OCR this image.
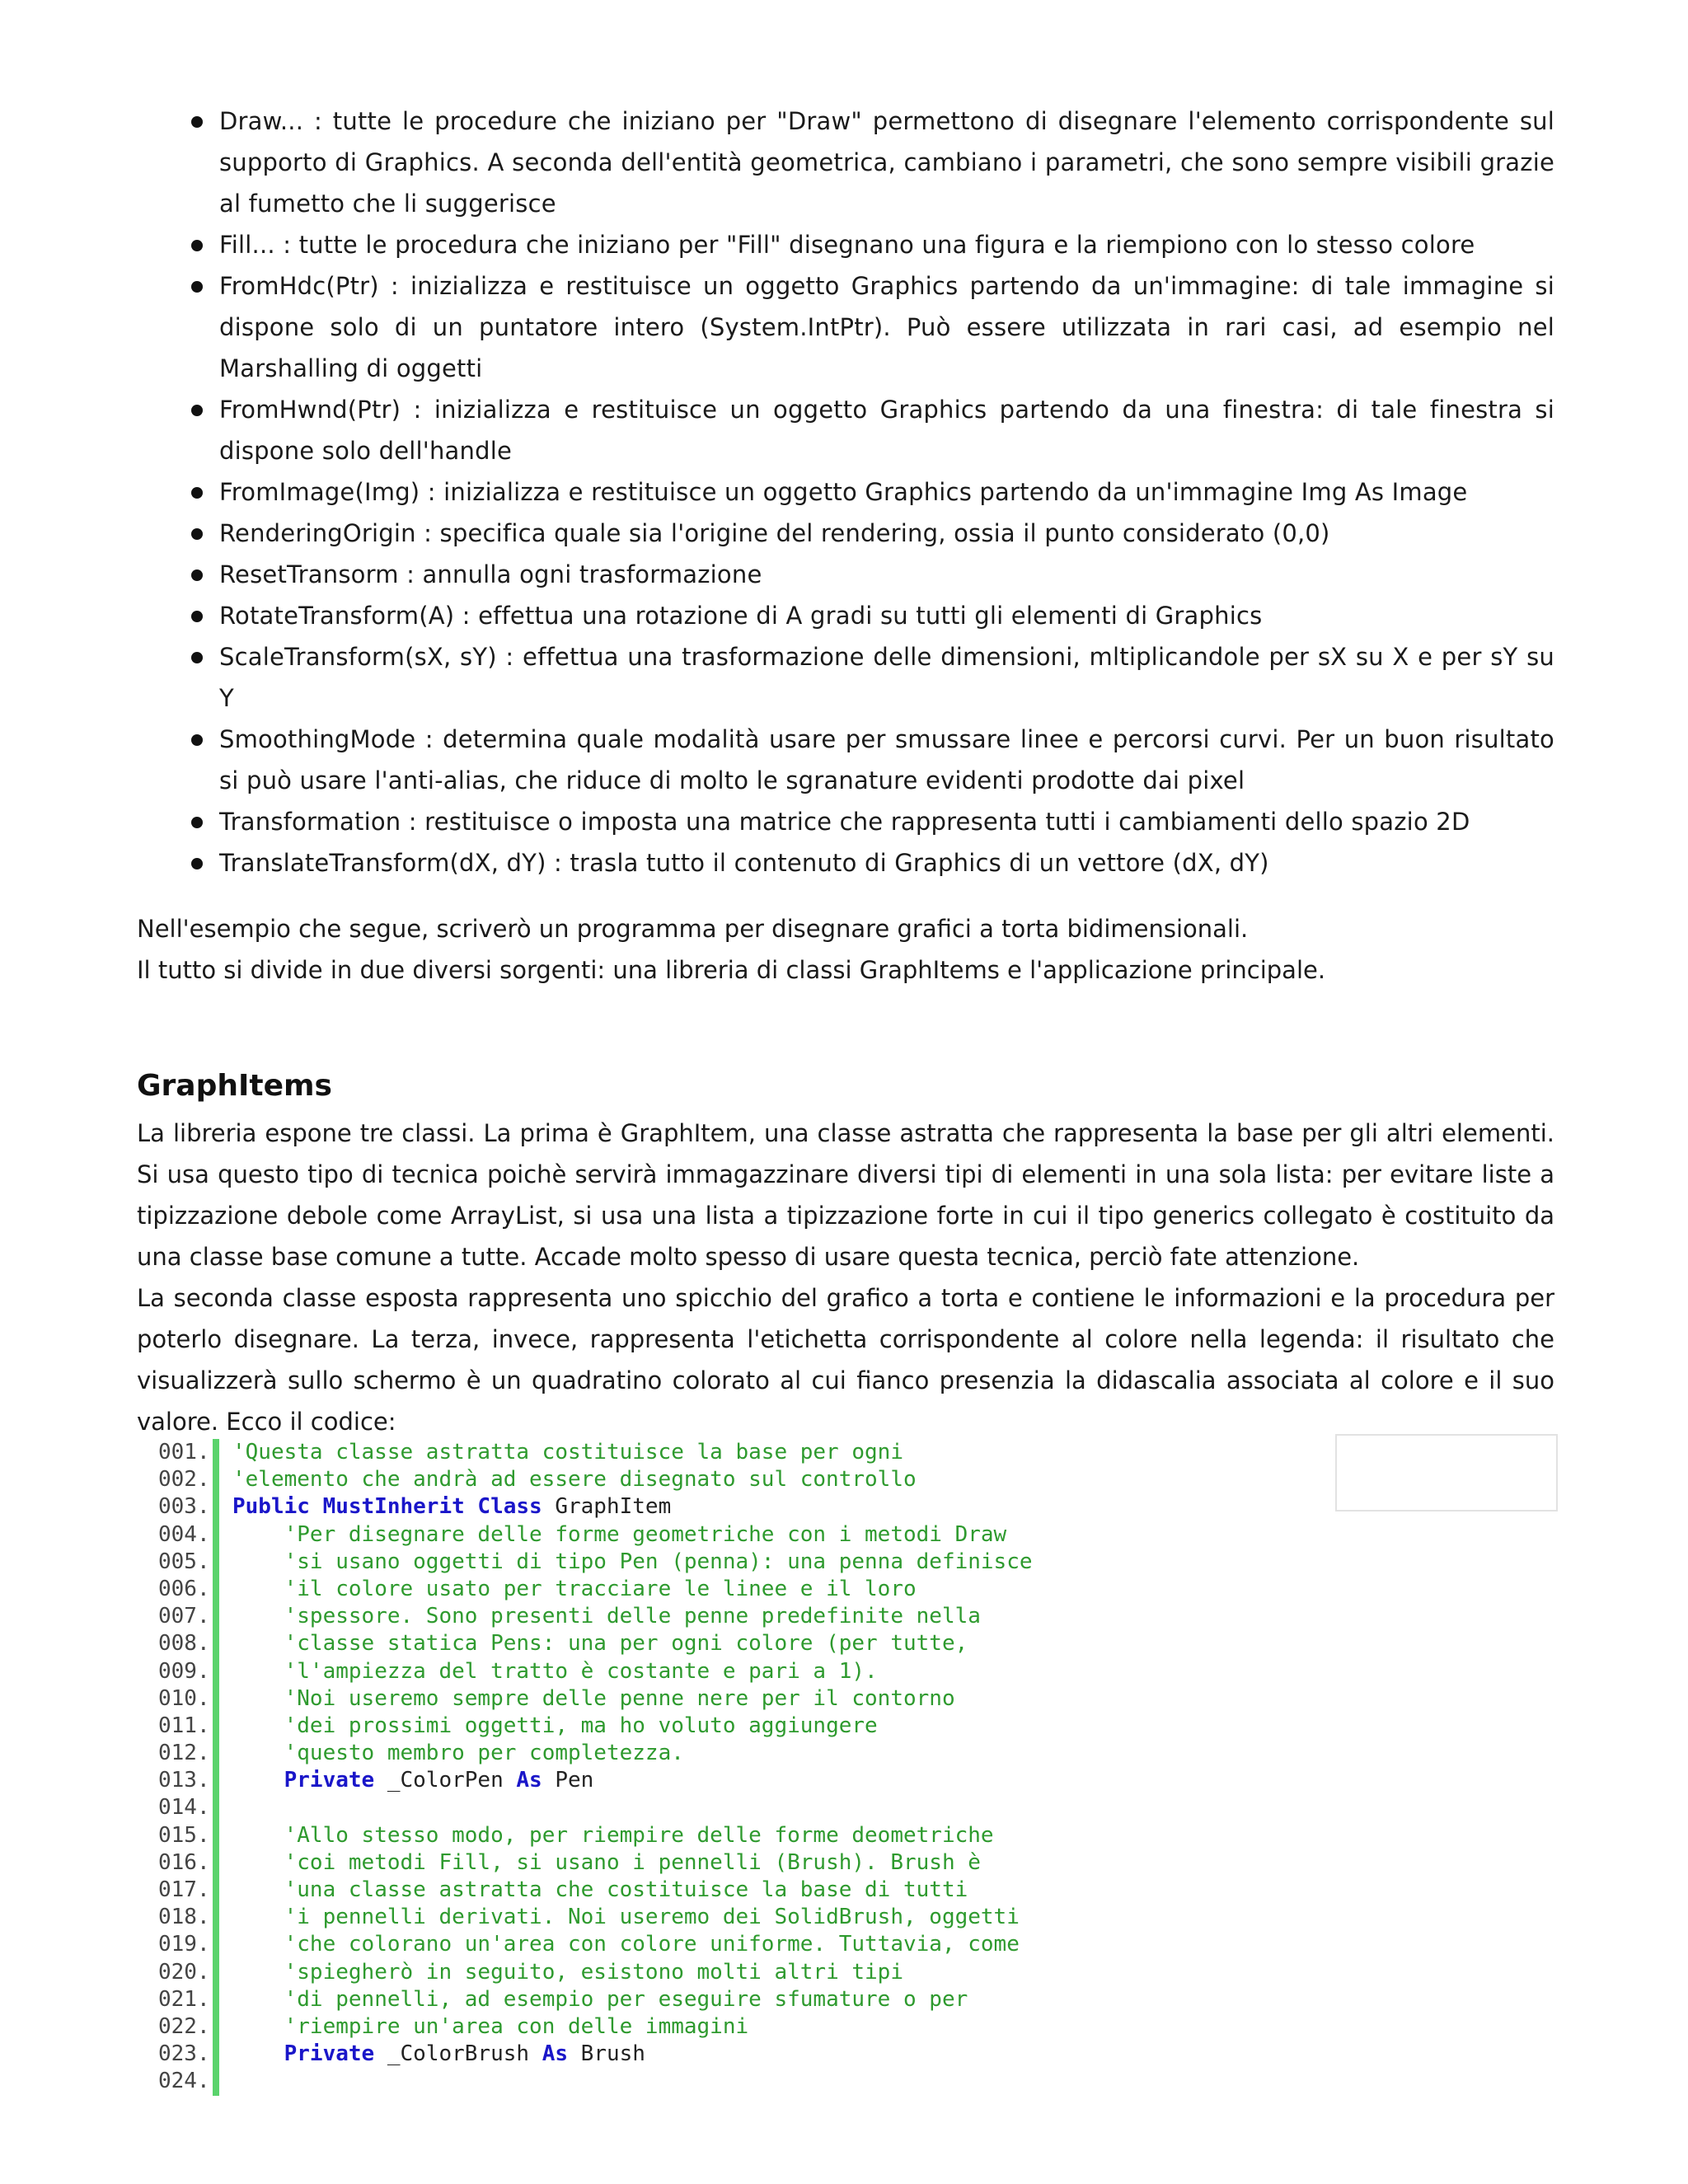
Draw... : tutte le procedure che iniziano per "Draw" permettono di disegnare l'elemento corrispondente sul supporto di Graphics. A seconda dell'entità geometrica, cambiano i parametri, che sono sempre visibili grazie al fumetto che li suggerisce
Fill... : tutte le procedura che iniziano per "Fill" disegnano una figura e la riempiono con lo stesso colore
FromHdc(Ptr) : inizializza e restituisce un oggetto Graphics partendo da un'immagine: di tale immagine si dispone solo di un puntatore intero (System.IntPtr). Può essere utilizzata in rari casi, ad esempio nel Marshalling di oggetti
FromHwnd(Ptr) : inizializza e restituisce un oggetto Graphics partendo da una finestra: di tale finestra si dispone solo dell'handle
FromImage(Img) : inizializza e restituisce un oggetto Graphics partendo da un'immagine Img As Image
RenderingOrigin : specifica quale sia l'origine del rendering, ossia il punto considerato (0,0)
ResetTransorm : annulla ogni trasformazione
RotateTransform(A) : effettua una rotazione di A gradi su tutti gli elementi di Graphics
ScaleTransform(sX, sY) : effettua una trasformazione delle dimensioni, mltiplicandole per sX su X e per sY su Y
SmoothingMode : determina quale modalità usare per smussare linee e percorsi curvi. Per un buon risultato si può usare l'anti-alias, che riduce di molto le sgranature evidenti prodotte dai pixel
Transformation : restituisce o imposta una matrice che rappresenta tutti i cambiamenti dello spazio 2D
TranslateTransform(dX, dY) : trasla tutto il contenuto di Graphics di un vettore (dX, dY)

Nell'esempio che segue, scriverò un programma per disegnare grafici a torta bidimensionali.

Il tutto si divide in due diversi sorgenti: una libreria di classi GraphItems e l'applicazione principale.

GraphItems

La libreria espone tre classi. La prima è GraphItem, una classe astratta che rappresenta la base per gli altri elementi. Si usa questo tipo di tecnica poichè servirà immagazzinare diversi tipi di elementi in una sola lista: per evitare liste a tipizzazione debole come ArrayList, si usa una lista a tipizzazione forte in cui il tipo generics collegato è costituito da una classe base comune a tutte. Accade molto spesso di usare questa tecnica, perciò fate attenzione.

La seconda classe esposta rappresenta uno spicchio del grafico a torta e contiene le informazioni e la procedura per poterlo disegnare. La terza, invece, rappresenta l'etichetta corrispondente al colore nella legenda: il risultato che visualizzerà sullo schermo è un quadratino colorato al cui fianco presenzia la didascalia associata al colore e il suo valore. Ecco il codice:

001. 'Questa classe astratta costituisce la base per ogni
002. 'elemento che andrà ad essere disegnato sul controllo
003. Public MustInherit Class GraphItem
004.	'Per disegnare delle forme geometriche con i metodi Draw
005.	'si usano oggetti di tipo Pen (penna): una penna definisce
006.	'il colore usato per tracciare le linee e il loro
007.	'spessore. Sono presenti delle penne predefinite nella
008.	'classe statica Pens: una per ogni colore (per tutte,
009.	'l'ampiezza del tratto è costante e pari a 1).
010.	'Noi useremo sempre delle penne nere per il contorno
011.	'dei prossimi oggetti, ma ho voluto aggiungere
012.	'questo membro per completezza.
013.	Private _ColorPen As Pen
014.
015.	'Allo stesso modo, per riempire delle forme deometriche
016.	'coi metodi Fill, si usano i pennelli (Brush). Brush è
017.	'una classe astratta che costituisce la base di tutti
018.	'i pennelli derivati. Noi useremo dei SolidBrush, oggetti
019.	'che colorano un'area con colore uniforme. Tuttavia, come
020.	'spiegherò in seguito, esistono molti altri tipi
021.	'di pennelli, ad esempio per eseguire sfumature o per
022.	'riempire un'area con delle immagini
023.	Private _ColorBrush As Brush
024.
